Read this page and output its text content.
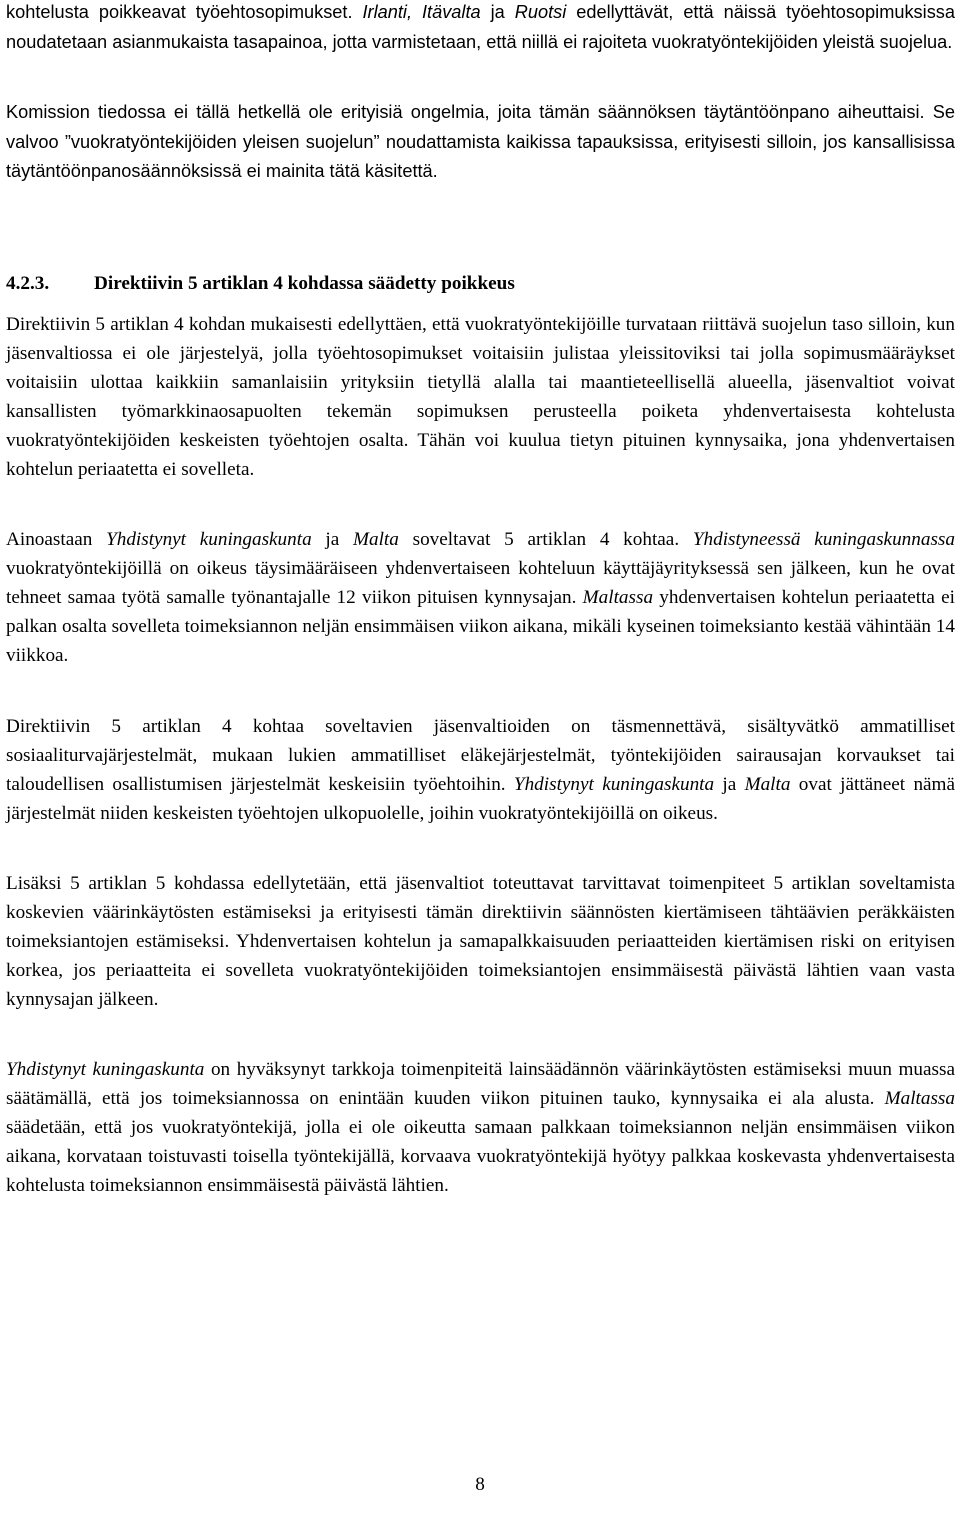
kohtelusta poikkeavat työehtosopimukset. Irlanti, Itävalta ja Ruotsi edellyttävät, että näissä työehtosopimuksissa noudatetaan asianmukaista tasapainoa, jotta varmistetaan, että niillä ei rajoiteta vuokratyöntekijöiden yleistä suojelua.

Komission tiedossa ei tällä hetkellä ole erityisiä ongelmia, joita tämän säännöksen täytäntöönpano aiheuttaisi. Se valvoo ”vuokratyöntekijöiden yleisen suojelun” noudattamista kaikissa tapauksissa, erityisesti silloin, jos kansallisissa täytäntöönpanosäännöksissä ei mainita tätä käsitettä.

4.2.3. Direktiivin 5 artiklan 4 kohdassa säädetty poikkeus

Direktiivin 5 artiklan 4 kohdan mukaisesti edellyttäen, että vuokratyöntekijöille turvataan riittävä suojelun taso silloin, kun jäsenvaltiossa ei ole järjestelyä, jolla työehtosopimukset voitaisiin julistaa yleissitoviksi tai jolla sopimusmääräykset voitaisiin ulottaa kaikkiin samanlaisiin yrityksiin tietyllä alalla tai maantieteellisellä alueella, jäsenvaltiot voivat kansallisten työmarkkinaosapuolten tekemän sopimuksen perusteella poiketa yhdenvertaisesta kohtelusta vuokratyöntekijöiden keskeisten työehtojen osalta. Tähän voi kuulua tietyn pituinen kynnysaika, jona yhdenvertaisen kohtelun periaatetta ei sovelleta.

Ainoastaan Yhdistynyt kuningaskunta ja Malta soveltavat 5 artiklan 4 kohtaa. Yhdistyneessä kuningaskunnassa vuokratyöntekijöillä on oikeus täysimääräiseen yhdenvertaiseen kohteluun käyttäjäyrityksessä sen jälkeen, kun he ovat tehneet samaa työtä samalle työnantajalle 12 viikon pituisen kynnysajan. Maltassa yhdenvertaisen kohtelun periaatetta ei palkan osalta sovelleta toimeksiannon neljän ensimmäisen viikon aikana, mikäli kyseinen toimeksianto kestää vähintään 14 viikkoa.

Direktiivin 5 artiklan 4 kohtaa soveltavien jäsenvaltioiden on täsmennettävä, sisältyvätkö ammatilliset sosiaaliturvajärjestelmät, mukaan lukien ammatilliset eläkejärjestelmät, työntekijöiden sairausajan korvaukset tai taloudellisen osallistumisen järjestelmät keskeisiin työehtoihin. Yhdistynyt kuningaskunta ja Malta ovat jättäneet nämä järjestelmät niiden keskeisten työehtojen ulkopuolelle, joihin vuokratyöntekijöillä on oikeus.

Lisäksi 5 artiklan 5 kohdassa edellytetään, että jäsenvaltiot toteuttavat tarvittavat toimenpiteet 5 artiklan soveltamista koskevien väärinkäytösten estämiseksi ja erityisesti tämän direktiivin säännösten kiertämiseen tähtäävien peräkkäisten toimeksiantojen estämiseksi. Yhdenvertaisen kohtelun ja samapalkkaisuuden periaatteiden kiertämisen riski on erityisen korkea, jos periaatteita ei sovelleta vuokratyöntekijöiden toimeksiantojen ensimmäisestä päivästä lähtien vaan vasta kynnysajan jälkeen.

Yhdistynyt kuningaskunta on hyväksynyt tarkkoja toimenpiteitä lainsäädännön väärinkäytösten estämiseksi muun muassa säätämällä, että jos toimeksiannossa on enintään kuuden viikon pituinen tauko, kynnysaika ei ala alusta. Maltassa säädetään, että jos vuokratyöntekijä, jolla ei ole oikeutta samaan palkkaan toimeksiannon neljän ensimmäisen viikon aikana, korvataan toistuvasti toisella työntekijällä, korvaava vuokratyöntekijä hyötyy palkkaa koskevasta yhdenvertaisesta kohtelusta toimeksiannon ensimmäisestä päivästä lähtien.

8
